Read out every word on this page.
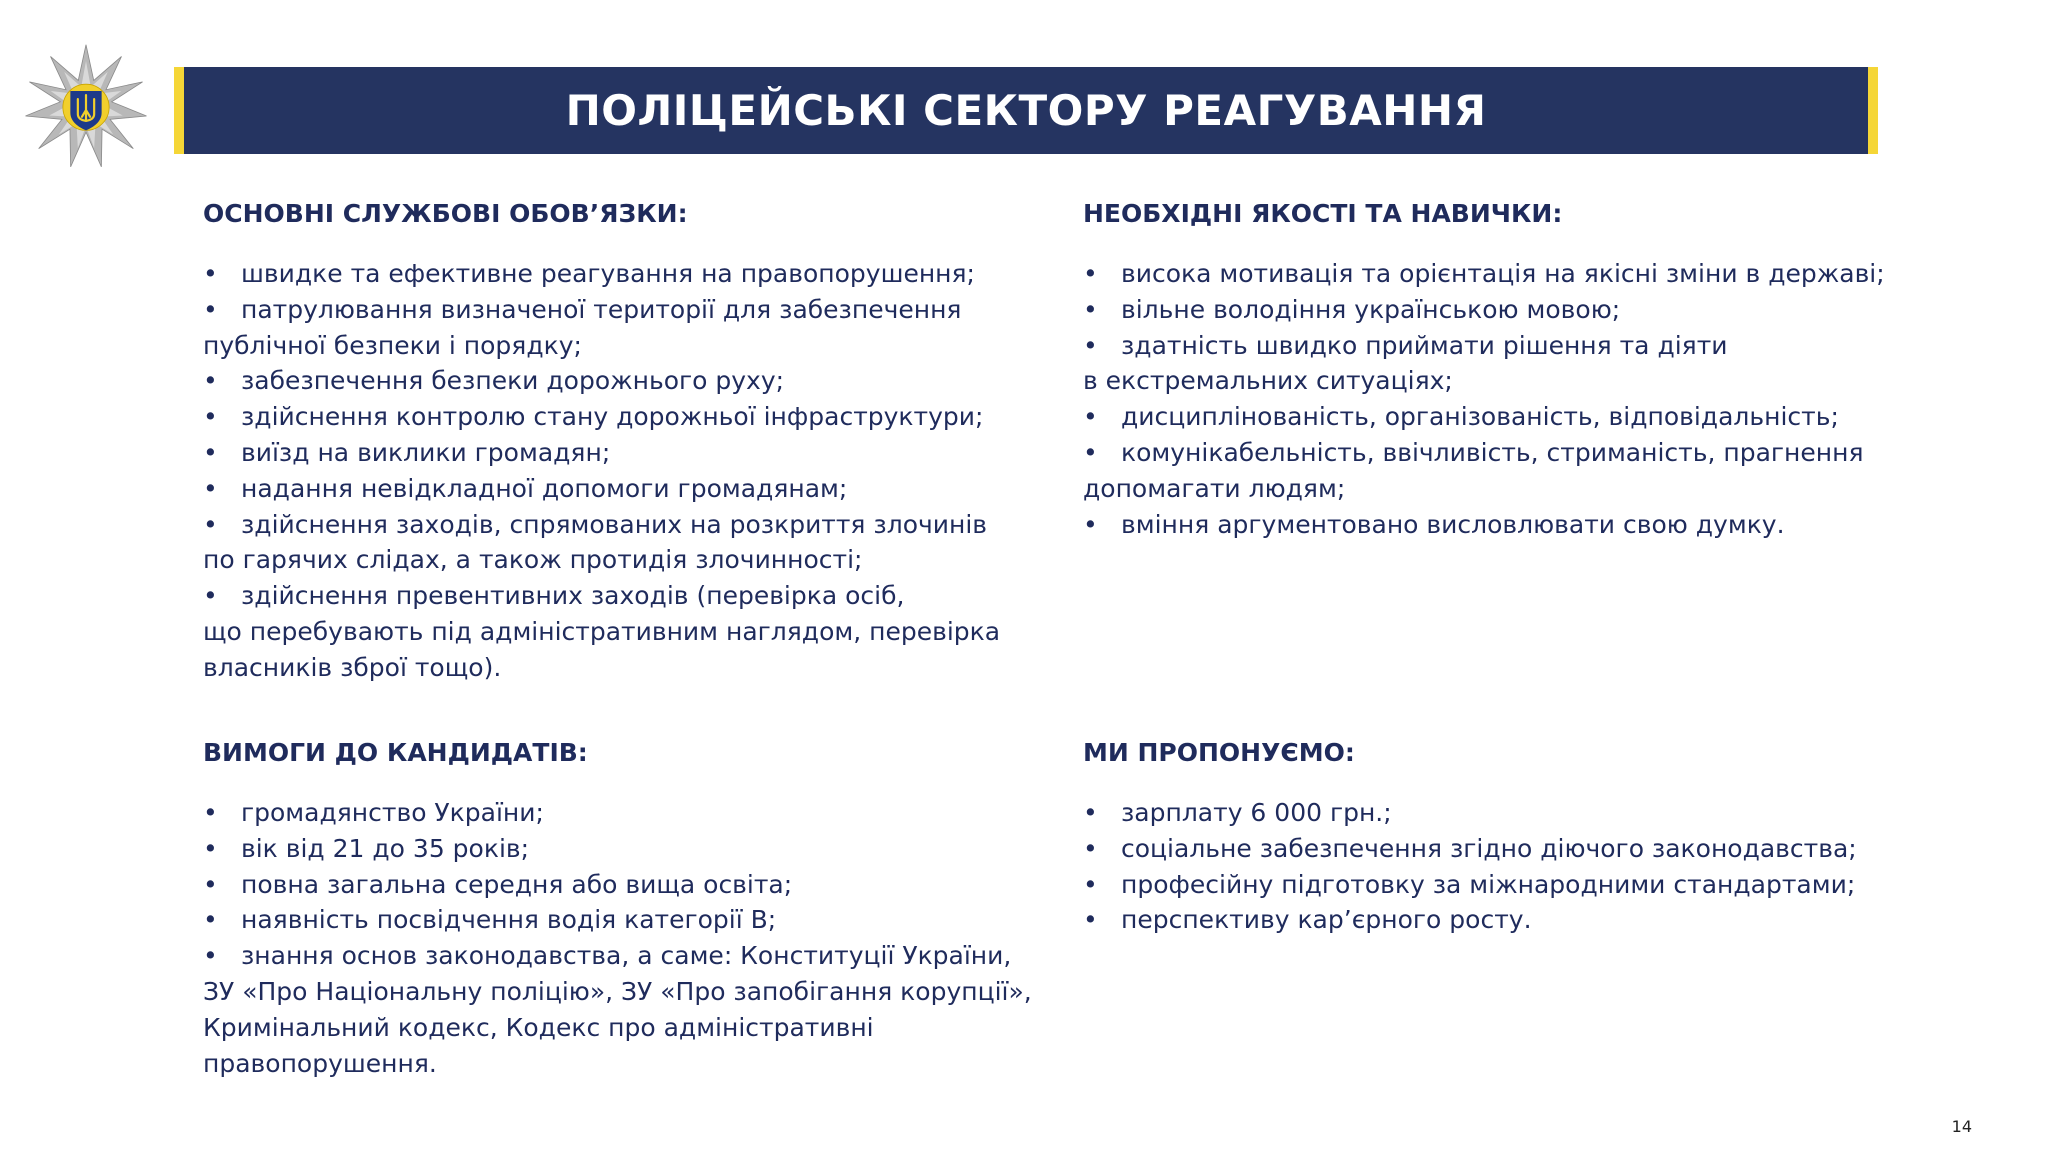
ПОЛІЦЕЙСЬКІ СЕКТОРУ РЕАГУВАННЯ
ОСНОВНІ СЛУЖБОВІ ОБОВ’ЯЗКИ:
• швидке та ефективне реагування на правопорушення;
• патрулювання визначеної території для забезпечення
публічної безпеки і порядку;
• забезпечення безпеки дорожнього руху;
• здійснення контролю стану дорожньої інфраструктури;
• виїзд на виклики громадян;
• надання невідкладної допомоги громадянам;
• здійснення заходів, спрямованих на розкриття злочинів
по гарячих слідах, а також протидія злочинності;
• здійснення превентивних заходів (перевірка осіб,
що перебувають під адміністративним наглядом, перевірка
власників зброї тощо).
НЕОБХІДНІ ЯКОСТІ ТА НАВИЧКИ:
• висока мотивація та орієнтація на якісні зміни в державі;
• вільне володіння українською мовою;
• здатність швидко приймати рішення та діяти
в екстремальних ситуаціях;
• дисциплінованість, організованість, відповідальність;
• комунікабельність, ввічливість, стриманість, прагнення
допомагати людям;
• вміння аргументовано висловлювати свою думку.
ВИМОГИ ДО КАНДИДАТІВ:
• громадянство України;
• вік від 21 до 35 років;
• повна загальна середня або вища освіта;
• наявність посвідчення водія категорії В;
• знання основ законодавства, а саме: Конституції України,
ЗУ «Про Національну поліцію», ЗУ «Про запобігання корупції»,
Кримінальний кодекс, Кодекс про адміністративні
правопорушення.
МИ ПРОПОНУЄМО:
• зарплату 6 000 грн.;
• соціальне забезпечення згідно діючого законодавства;
• професійну підготовку за міжнародними стандартами;
• перспективу кар’єрного росту.
14
